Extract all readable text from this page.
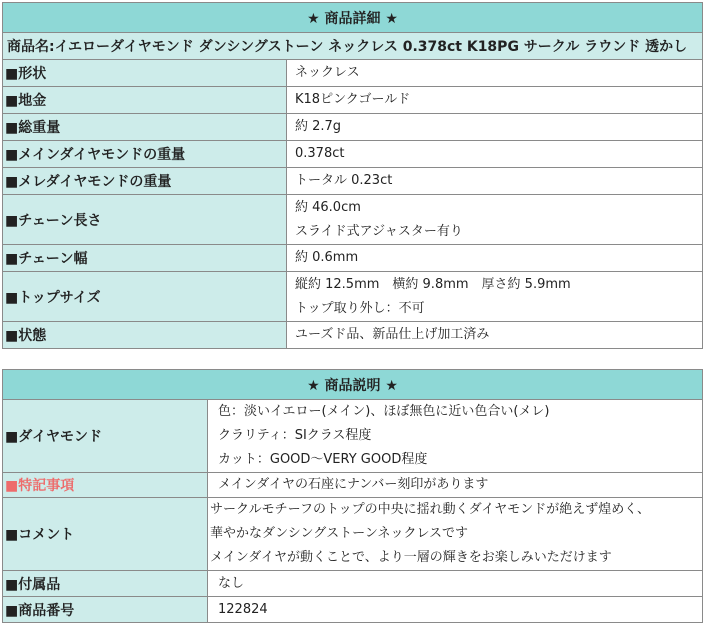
★ 商品詳細 ★	
商品名:イエローダイヤモンド ダンシングストーン ネックレス 0.378ct K18PG サークル ラウンド 透かし	
■形状	ネックレス

■地金	K18ピンクゴールド

■総重量	約 2.7g

■メインダイヤモンドの重量	0.378ct

■メレダイヤモンドの重量	トータル 0.23ct

■チェーン長さ	約 46.0cm
スライド式アジャスター有り

■チェーン幅	約 0.6mm

■トップサイズ	縦約 12.5mm　横約 9.8mm　厚さ約 5.9mm
トップ取り外し：不可

■状態	ユーズド品、新品仕上げ加工済み
★ 商品説明 ★	
■ダイヤモンド	色：淡いイエロー(メイン)、ほぼ無色に近い色合い(メレ)
クラリティ：SIクラス程度
カット：GOOD〜VERY GOOD程度

■特記事項	メインダイヤの石座にナンバー刻印があります

■コメント	サークルモチーフのトップの中央に揺れ動くダイヤモンドが絶えず煌めく、
華やかなダンシングストーンネックレスです
メインダイヤが動くことで、より一層の輝きをお楽しみいただけます

■付属品	なし

■商品番号	122824
